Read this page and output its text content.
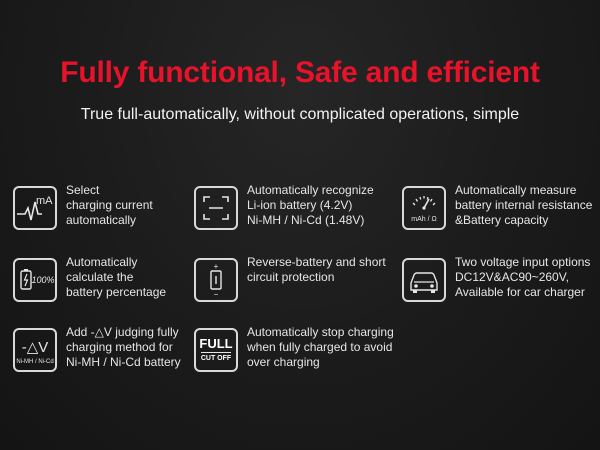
Fully functional, Safe and efficient
True full-automatically, without complicated operations, simple
mA
Select
charging current
automatically
Automatically recognize
Li-ion battery (4.2V)
Ni-MH / Ni-Cd (1.48V)	mAh / Ω
Automatically measure
battery internal resistance
&Battery capacity
100%
Automatically
calculate the
battery percentage
+
−
Reverse-battery and short
circuit protection
Two voltage input options
DC12V&AC90~260V,
Available for car charger
-△V
Ni-MH / Ni-Cd
Add -△V judging fully
charging method for
Ni-MH / Ni-Cd battery
FULL
CUT OFF
Automatically stop charging
when fully charged to avoid
over charging
